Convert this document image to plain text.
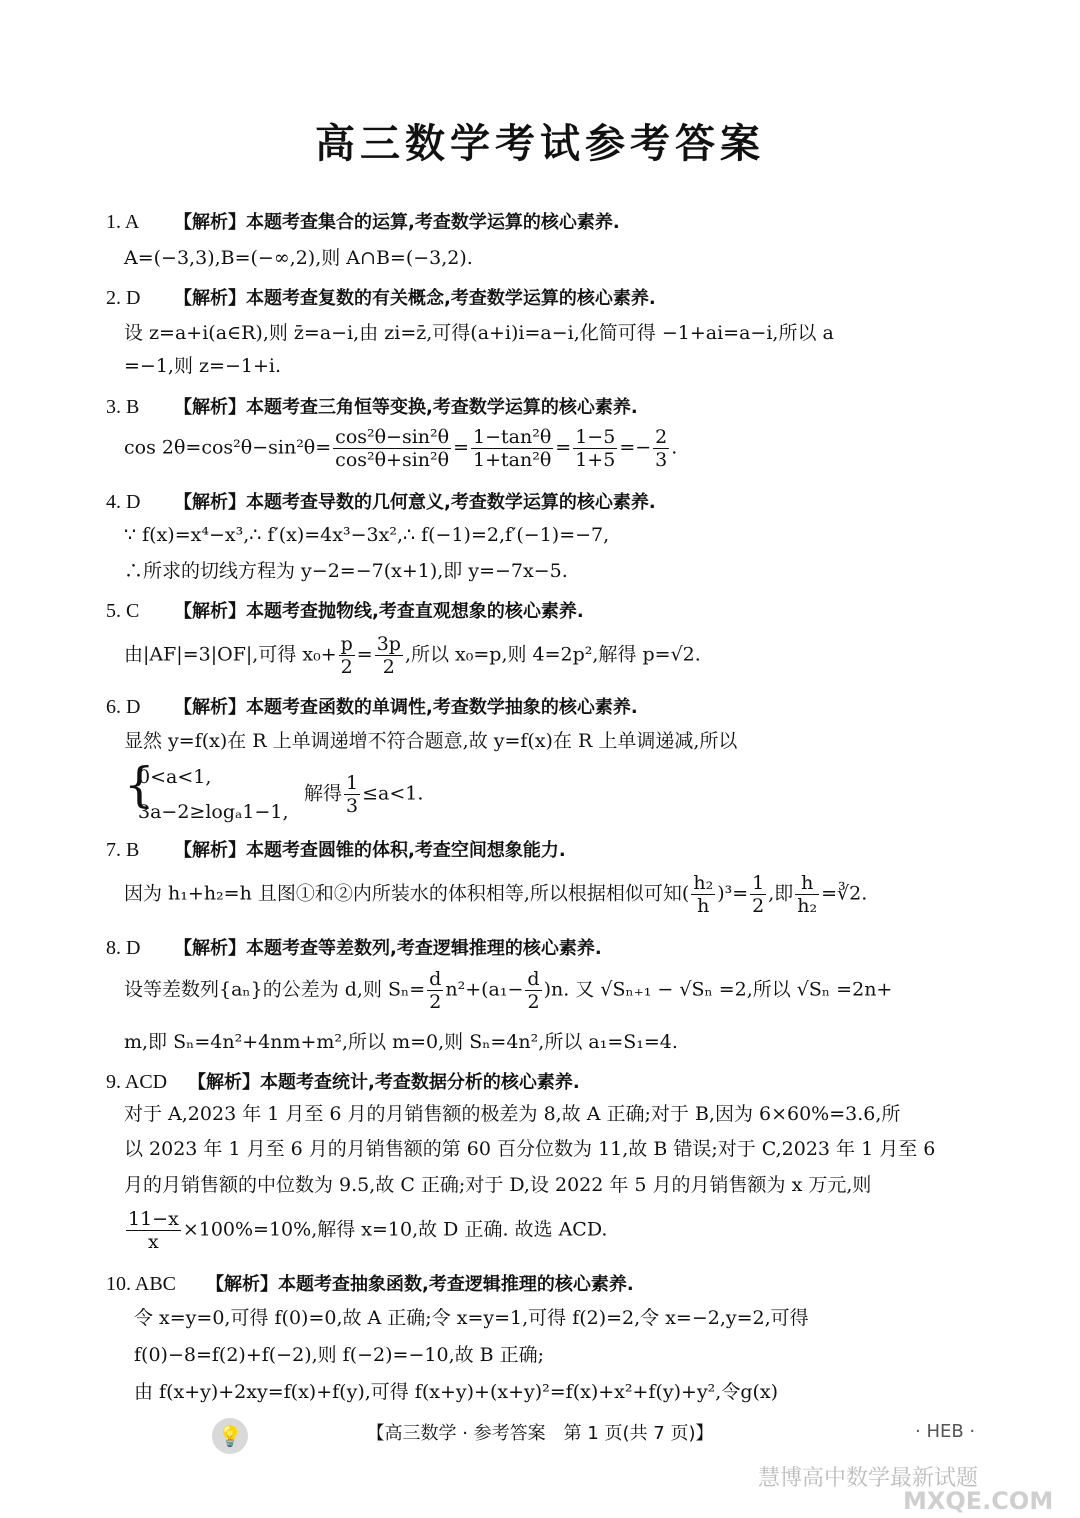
高三数学考试参考答案
1. A 【解析】本题考查集合的运算,考查数学运算的核心素养.
A=(−3,3),B=(−∞,2),则 A∩B=(−3,2).
2. D 【解析】本题考查复数的有关概念,考查数学运算的核心素养.
设 z=a+i(a∈R),则 z̄=a−i,由 zi=z̄,可得(a+i)i=a−i,化简可得 −1+ai=a−i,所以 a
=−1,则 z=−1+i.
3. B 【解析】本题考查三角恒等变换,考查数学运算的核心素养.
$\cos 2\theta=\cos^2\theta-\sin^2\theta= \frac{\text{cos²θ−sin²θ}}{\text{cos²θ+sin²θ}} = \frac{\text{1−tan²θ}}{\text{1+tan²θ}} = \frac{1-5}{1+5} =- \frac{2}{3}$ .
4. D 【解析】本题考查导数的几何意义,考查数学运算的核心素养.
∵ f(x)=x⁴−x³,∴ f′(x)=4x³−3x²,∴ f(−1)=2,f′(−1)=−7,
∴所求的切线方程为 y−2=−7(x+1),即 y=−7x−5.
5. C 【解析】本题考查抛物线,考查直观想象的核心素养.
由|AF|=3|OF|,可得 $x_0+ \frac{p}{2} = \frac{3p}{2}$ ,所以 x₀=p,则 4=2p²,解得 p=√2.
6. D 【解析】本题考查函数的单调性,考查数学抽象的核心素养.
显然 y=f(x)在 R 上单调递增不符合题意,故 y=f(x)在 R 上单调递减,所以
{
0<a<1,
3a−2≥logₐ1−1,
解得 $\frac{1}{3} \le a<1$.
7. B 【解析】本题考查圆锥的体积,考查空间想象能力.
因为 h₁+h₂=h 且图①和②内所装水的体积相等,所以根据相似可知( $\frac{\text{h₂}}{h} )^3= \frac{1}{2}$ ,即 $\frac{h}{\text{h₂}}$ =∛2.
8. D 【解析】本题考查等差数列,考查逻辑推理的核心素养.
设等差数列{aₙ}的公差为 d,则 $S_n= \frac{d}{2} n^2+(a_1- \frac{d}{2} )n$. 又 √Sₙ₊₁ − √Sₙ =2,所以 √Sₙ =2n+
m,即 Sₙ=4n²+4nm+m²,所以 m=0,则 Sₙ=4n²,所以 a₁=S₁=4.
9. ACD 【解析】本题考查统计,考查数据分析的核心素养.
对于 A,2023 年 1 月至 6 月的月销售额的极差为 8,故 A 正确;对于 B,因为 6×60%=3.6,所
以 2023 年 1 月至 6 月的月销售额的第 60 百分位数为 11,故 B 错误;对于 C,2023 年 1 月至 6
月的月销售额的中位数为 9.5,故 C 正确;对于 D,设 2022 年 5 月的月销售额为 x 万元,则
$\frac{11-x}{x} \times 100\%=10\%$,解得 x=10,故 D 正确. 故选 ACD.
10. ABC 【解析】本题考查抽象函数,考查逻辑推理的核心素养.
令 x=y=0,可得 f(0)=0,故 A 正确;令 x=y=1,可得 f(2)=2,令 x=−2,y=2,可得
f(0)−8=f(2)+f(−2),则 f(−2)=−10,故 B 正确;
由 f(x+y)+2xy=f(x)+f(y),可得 f(x+y)+(x+y)²=f(x)+x²+f(y)+y²,令g(x)
💡	【高三数学 · 参考答案　第 1 页(共 7 页)】	· HEB ·
慧博高中数学最新试题
MXQE.COM
